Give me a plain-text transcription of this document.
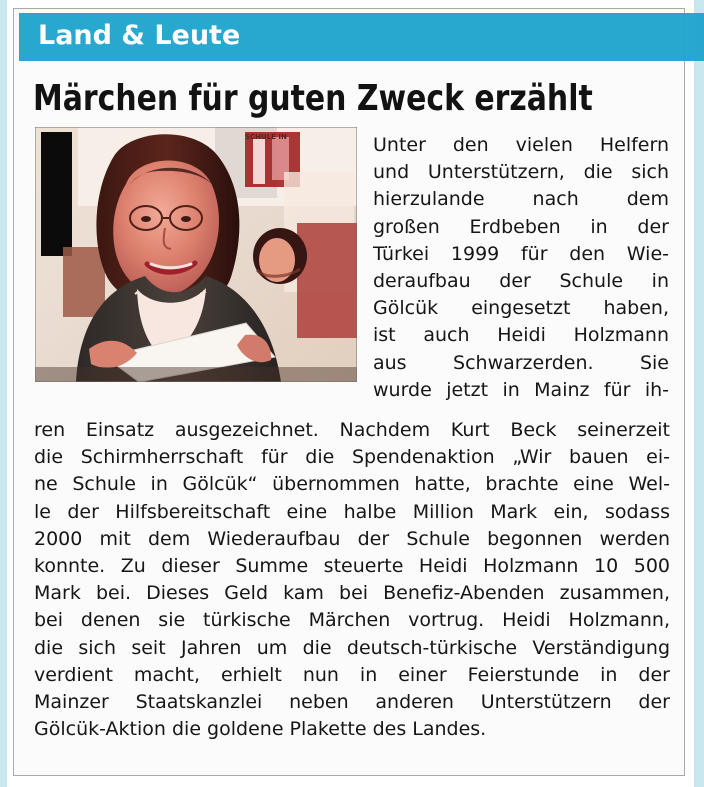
Land & Leute
Märchen für guten Zweck erzählt
SCHULE IN	Unter den vielen Helfern
und Unterstützern, die sich
hierzulande nach dem
großen Erdbeben in der
Türkei 1999 für den Wie-
deraufbau der Schule in
Gölcük eingesetzt haben,
ist auch Heidi Holzmann
aus Schwarzerden. Sie
wurde jetzt in Mainz für ih-
ren Einsatz ausgezeichnet. Nachdem Kurt Beck seinerzeit
die Schirmherrschaft für die Spendenaktion „Wir bauen ei-
ne Schule in Gölcük“ übernommen hatte, brachte eine Wel-
le der Hilfsbereitschaft eine halbe Million Mark ein, sodass
2000 mit dem Wiederaufbau der Schule begonnen werden
konnte. Zu dieser Summe steuerte Heidi Holzmann 10 500
Mark bei. Dieses Geld kam bei Benefiz-Abenden zusammen,
bei denen sie türkische Märchen vortrug. Heidi Holzmann,
die sich seit Jahren um die deutsch-türkische Verständigung
verdient macht, erhielt nun in einer Feierstunde in der
Mainzer Staatskanzlei neben anderen Unterstützern der
Gölcük-Aktion die goldene Plakette des Landes.
